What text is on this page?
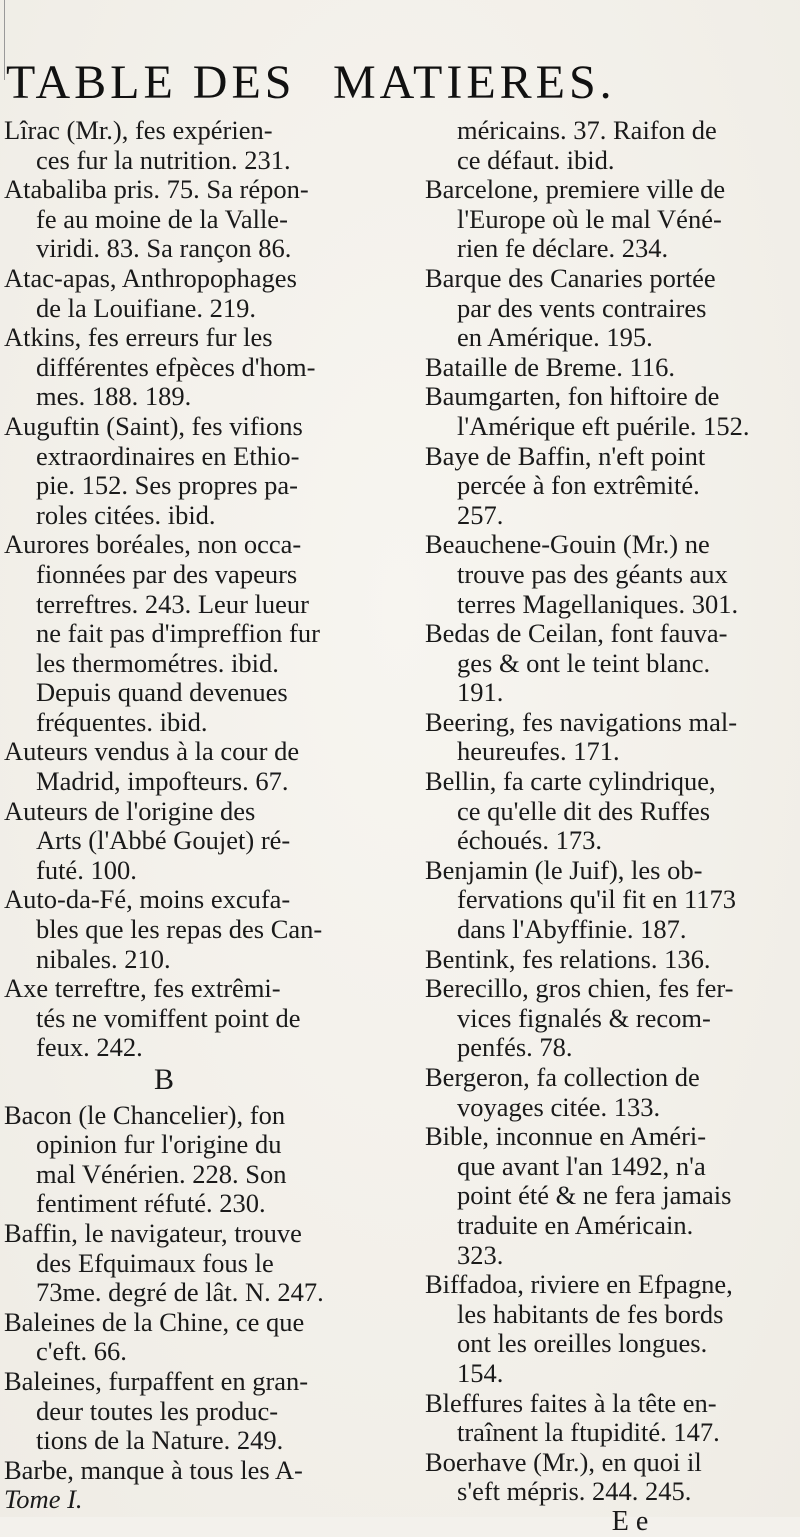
TABLE DES MATIERES.
Lîrac (Mr.), fes expérien-
ces fur la nutrition. 231.
Atabaliba pris. 75. Sa répon-
fe au moine de la Valle-
viridi. 83. Sa rançon 86.
Atac-apas, Anthropophages
de la Louifiane. 219.
Atkins, fes erreurs fur les
différentes efpèces d'hom-
mes. 188. 189.
Auguftin (Saint), fes vifions
extraordinaires en Ethio-
pie. 152. Ses propres pa-
roles citées. ibid.
Aurores boréales, non occa-
fionnées par des vapeurs
terreftres. 243. Leur lueur
ne fait pas d'impreffion fur
les thermométres. ibid.
Depuis quand devenues
fréquentes. ibid.
Auteurs vendus à la cour de
Madrid, impofteurs. 67.
Auteurs de l'origine des
Arts (l'Abbé Goujet) ré-
futé. 100.
Auto-da-Fé, moins excufa-
bles que les repas des Can-
nibales. 210.
Axe terreftre, fes extrêmi-
tés ne vomiffent point de
feux. 242.
B
Bacon (le Chancelier), fon
opinion fur l'origine du
mal Vénérien. 228. Son
fentiment réfuté. 230.
Baffin, le navigateur, trouve
des Efquimaux fous le
73me. degré de lât. N. 247.
Baleines de la Chine, ce que
c'eft. 66.
Baleines, furpaffent en gran-
deur toutes les produc-
tions de la Nature. 249.
Barbe, manque à tous les A-
Tome I.
méricains. 37. Raifon de
ce défaut. ibid.
Barcelone, premiere ville de
l'Europe où le mal Véné-
rien fe déclare. 234.
Barque des Canaries portée
par des vents contraires
en Amérique. 195.
Bataille de Breme. 116.
Baumgarten, fon hiftoire de
l'Amérique eft puérile. 152.
Baye de Baffin, n'eft point
percée à fon extrêmité.
257.
Beauchene-Gouin (Mr.) ne
trouve pas des géants aux
terres Magellaniques. 301.
Bedas de Ceilan, font fauva-
ges & ont le teint blanc.
191.
Beering, fes navigations mal-
heureufes. 171.
Bellin, fa carte cylindrique,
ce qu'elle dit des Ruffes
échoués. 173.
Benjamin (le Juif), les ob-
fervations qu'il fit en 1173
dans l'Abyffinie. 187.
Bentink, fes relations. 136.
Berecillo, gros chien, fes fer-
vices fignalés & recom-
penfés. 78.
Bergeron, fa collection de
voyages citée. 133.
Bible, inconnue en Améri-
que avant l'an 1492, n'a
point été & ne fera jamais
traduite en Américain.
323.
Biffadoa, riviere en Efpagne,
les habitants de fes bords
ont les oreilles longues.
154.
Bleffures faites à la tête en-
traînent la ftupidité. 147.
Boerhave (Mr.), en quoi il
s'eft mépris. 244. 245.
E e
